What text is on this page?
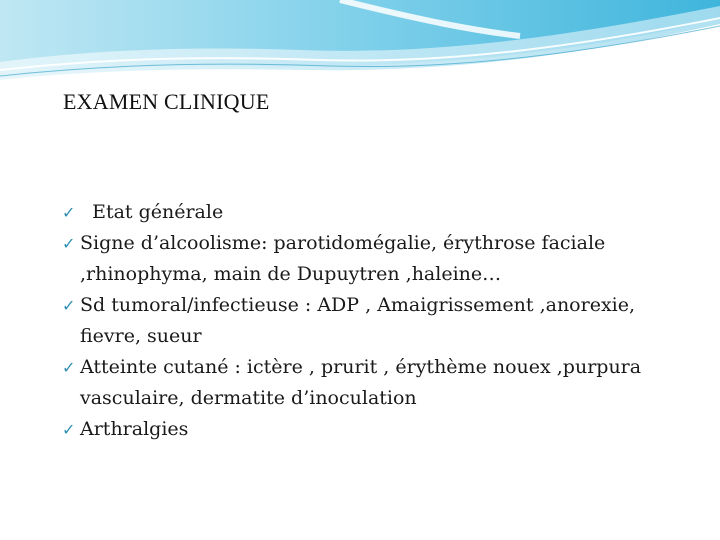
EXAMEN CLINIQUE
✓ Etat générale
✓ Signe d’alcoolisme: parotidomégalie, érythrose faciale
,rhinophyma, main de Dupuytren ,haleine…
✓ Sd tumoral/infectieuse : ADP , Amaigrissement ,anorexie,
fievre, sueur
✓ Atteinte cutané : ictère , prurit , érythème nouex ,purpura
vasculaire, dermatite d’inoculation
✓ Arthralgies
